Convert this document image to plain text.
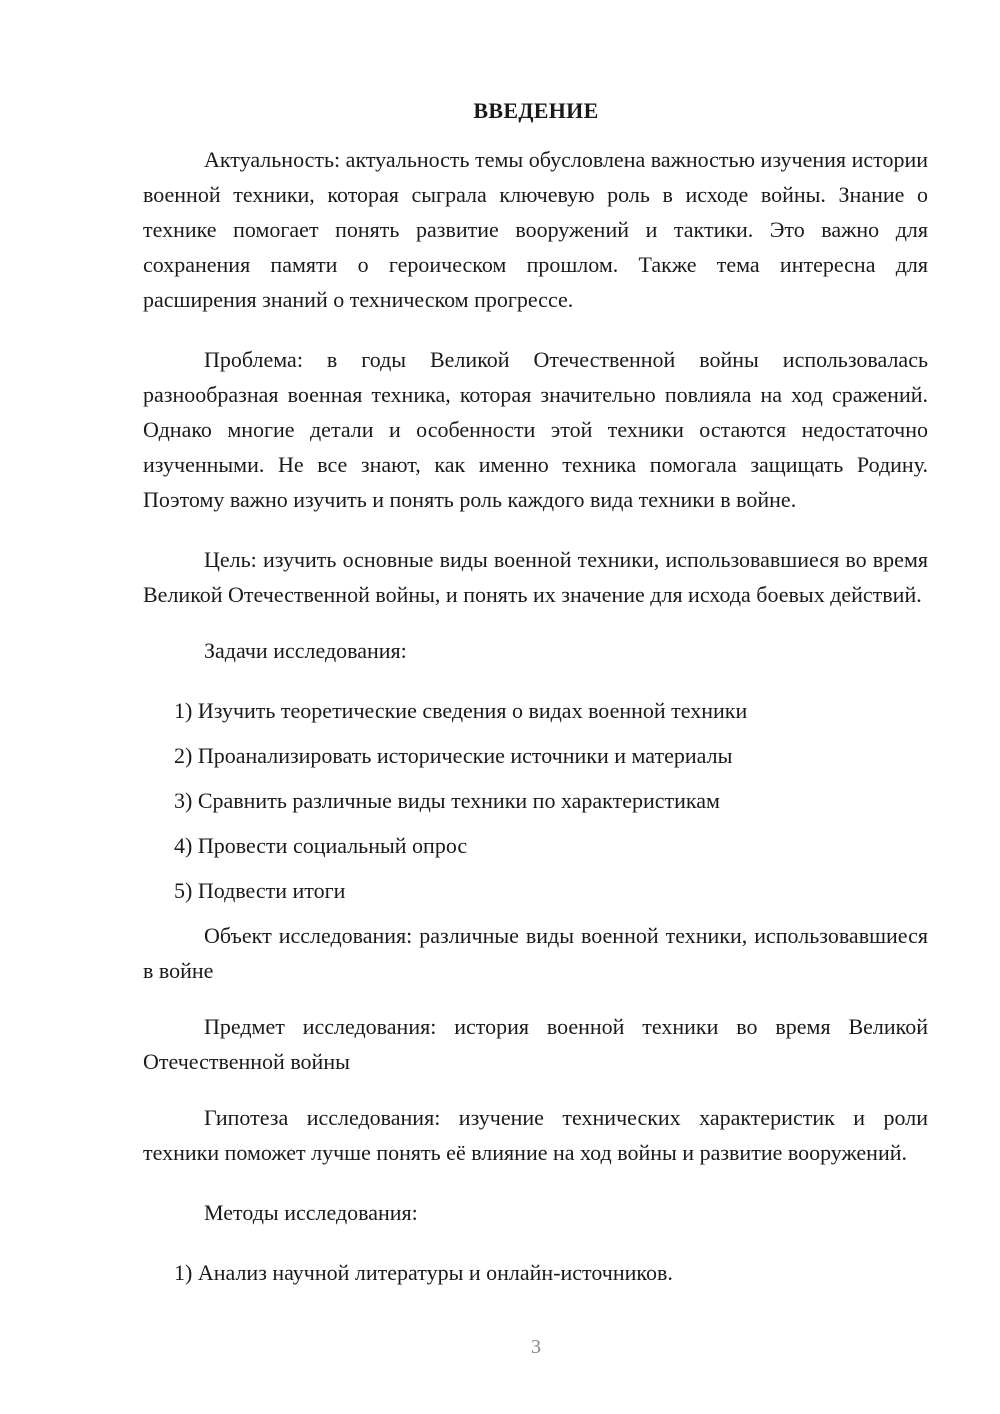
ВВЕДЕНИЕ

Актуальность: актуальность темы обусловлена важностью изучения истории военной техники, которая сыграла ключевую роль в исходе войны. Знание о технике помогает понять развитие вооружений и тактики. Это важно для сохранения памяти о героическом прошлом. Также тема интересна для расширения знаний о техническом прогрессе.

Проблема: в годы Великой Отечественной войны использовалась разнообразная военная техника, которая значительно повлияла на ход сражений. Однако многие детали и особенности этой техники остаются недостаточно изученными. Не все знают, как именно техника помогала защищать Родину. Поэтому важно изучить и понять роль каждого вида техники в войне.

Цель: изучить основные виды военной техники, использовавшиеся во время Великой Отечественной войны, и понять их значение для исхода боевых действий.

Задачи исследования:

1) Изучить теоретические сведения о видах военной техники

2) Проанализировать исторические источники и материалы

3) Сравнить различные виды техники по характеристикам

4) Провести социальный опрос

5) Подвести итоги

Объект исследования: различные виды военной техники, использовавшиеся в войне

Предмет исследования: история военной техники во время Великой Отечественной войны

Гипотеза исследования: изучение технических характеристик и роли техники поможет лучше понять её влияние на ход войны и развитие вооружений.

Методы исследования:

1) Анализ научной литературы и онлайн-источников.

3
